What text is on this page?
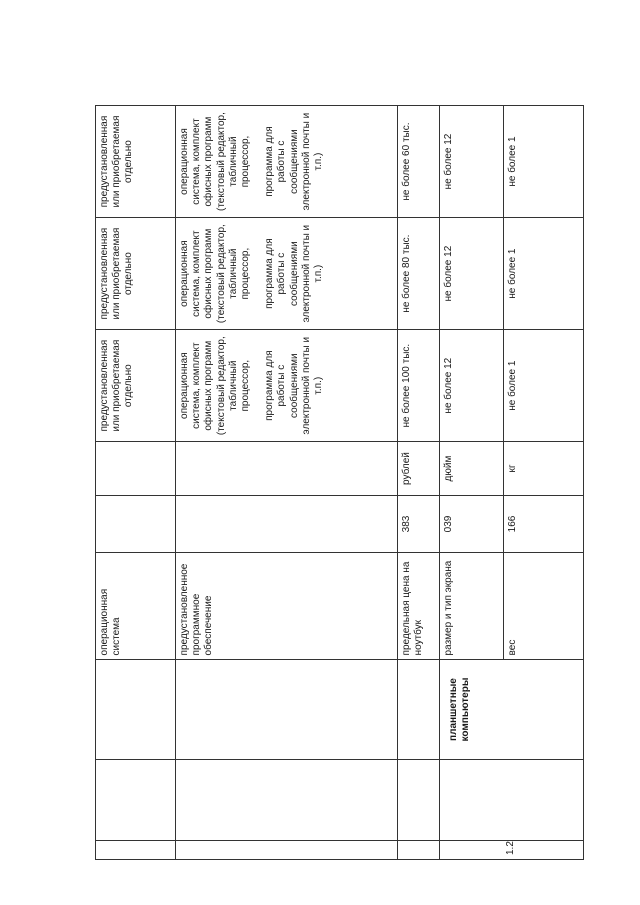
			операционная система			предустановленная или приобретаемая отдельно	предустановленная или приобретаемая отдельно	предустановленная или приобретаемая отдельно
			предустановленное программное обеспечение			операционная система, комплект офисных программ (текстовый редактор, табличный процессор, программа для работы с сообщениями электронной почты и т.п.)	операционная система, комплект офисных программ (текстовый редактор, табличный процессор, программа для работы с сообщениями электронной почты и т.п.)	операционная система, комплект офисных программ (текстовый редактор, табличный процессор, программа для работы с сообщениями электронной почты и т.п.)
			предельная цена на ноутбук	383	рублей	не более 100 тыс.	не более 80 тыс.	не более 60 тыс.
1.2		планшетные компьютеры	размер и тип экрана	039	дюйм	не более 12	не более 12	не более 12
			вес	166	кг	не более 1	не более 1	не более 1
